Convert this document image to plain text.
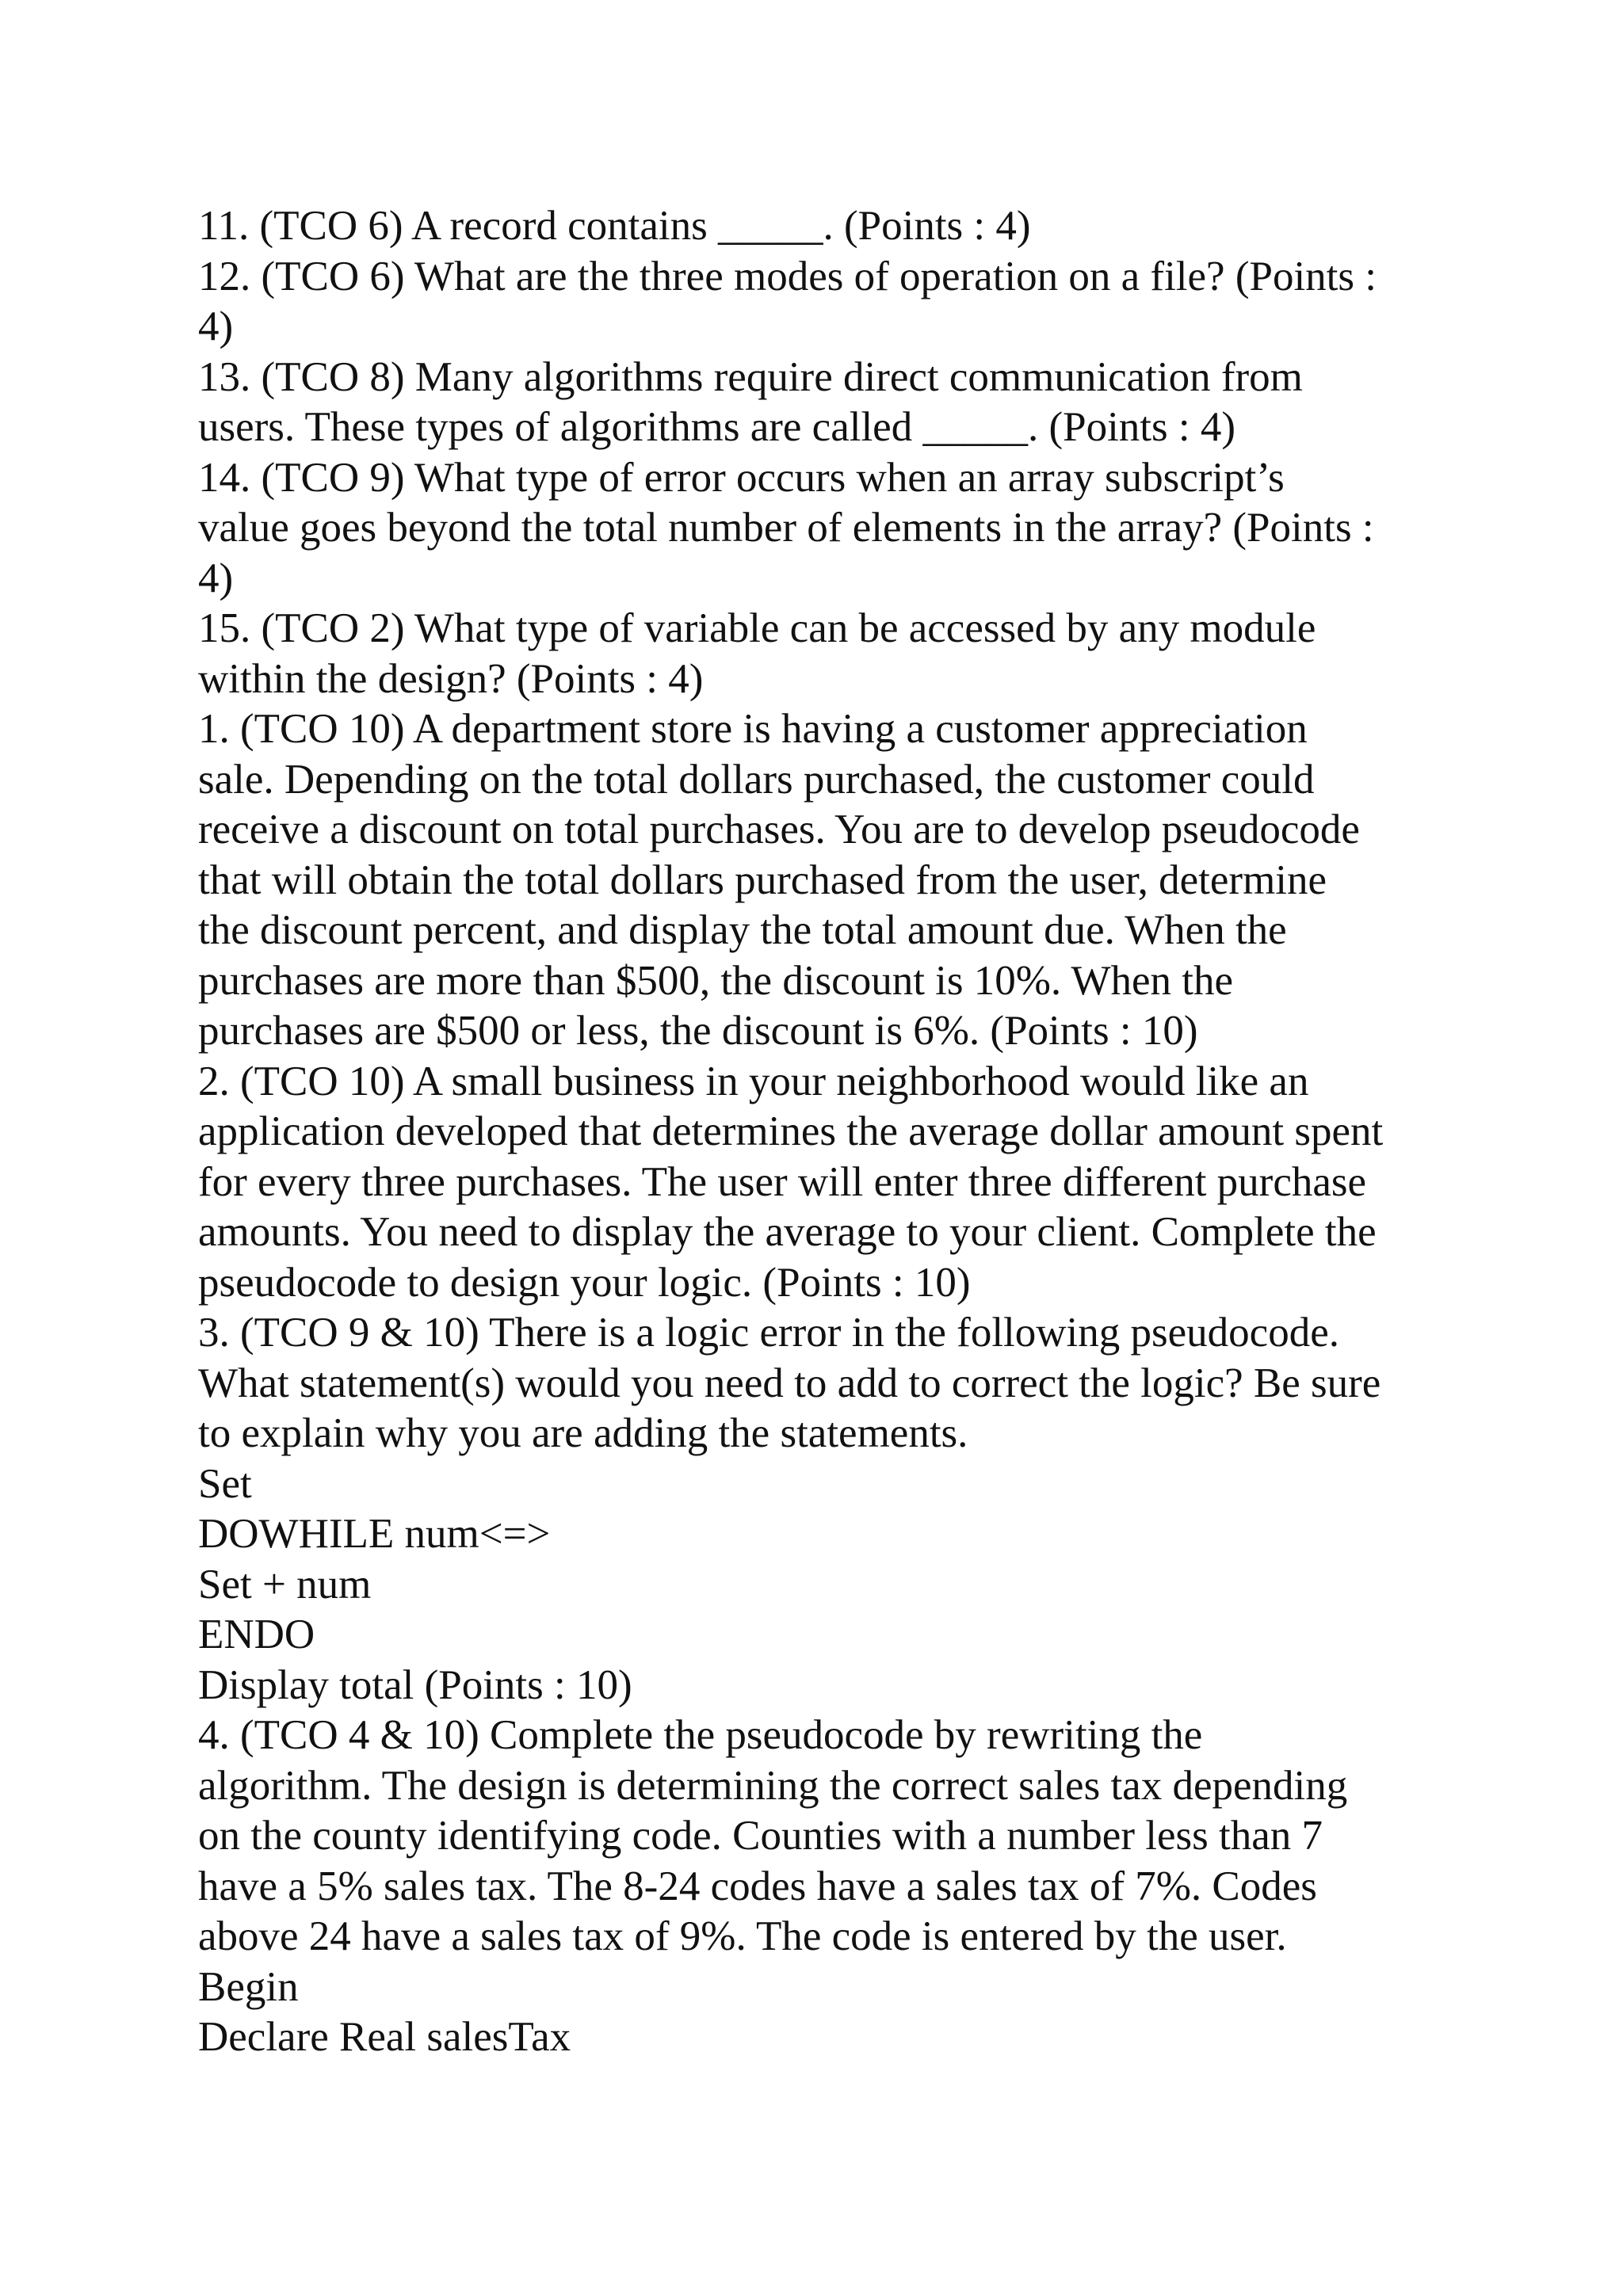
11. (TCO 6) A record contains _____. (Points : 4)
12. (TCO 6) What are the three modes of operation on a file? (Points :
4)
13. (TCO 8) Many algorithms require direct communication from
users. These types of algorithms are called _____. (Points : 4)
14. (TCO 9) What type of error occurs when an array subscript’s
value goes beyond the total number of elements in the array? (Points :
4)
15. (TCO 2) What type of variable can be accessed by any module
within the design? (Points : 4)
1. (TCO 10) A department store is having a customer appreciation
sale. Depending on the total dollars purchased, the customer could
receive a discount on total purchases. You are to develop pseudocode
that will obtain the total dollars purchased from the user, determine
the discount percent, and display the total amount due. When the
purchases are more than $500, the discount is 10%. When the
purchases are $500 or less, the discount is 6%. (Points : 10)
2. (TCO 10) A small business in your neighborhood would like an
application developed that determines the average dollar amount spent
for every three purchases. The user will enter three different purchase
amounts. You need to display the average to your client. Complete the
pseudocode to design your logic. (Points : 10)
3. (TCO 9 & 10) There is a logic error in the following pseudocode.
What statement(s) would you need to add to correct the logic? Be sure
to explain why you are adding the statements.
Set
DOWHILE num<=>
Set + num
ENDO
Display total (Points : 10)
4. (TCO 4 & 10) Complete the pseudocode by rewriting the
algorithm. The design is determining the correct sales tax depending
on the county identifying code. Counties with a number less than 7
have a 5% sales tax. The 8-24 codes have a sales tax of 7%. Codes
above 24 have a sales tax of 9%. The code is entered by the user.
Begin
Declare Real salesTax
